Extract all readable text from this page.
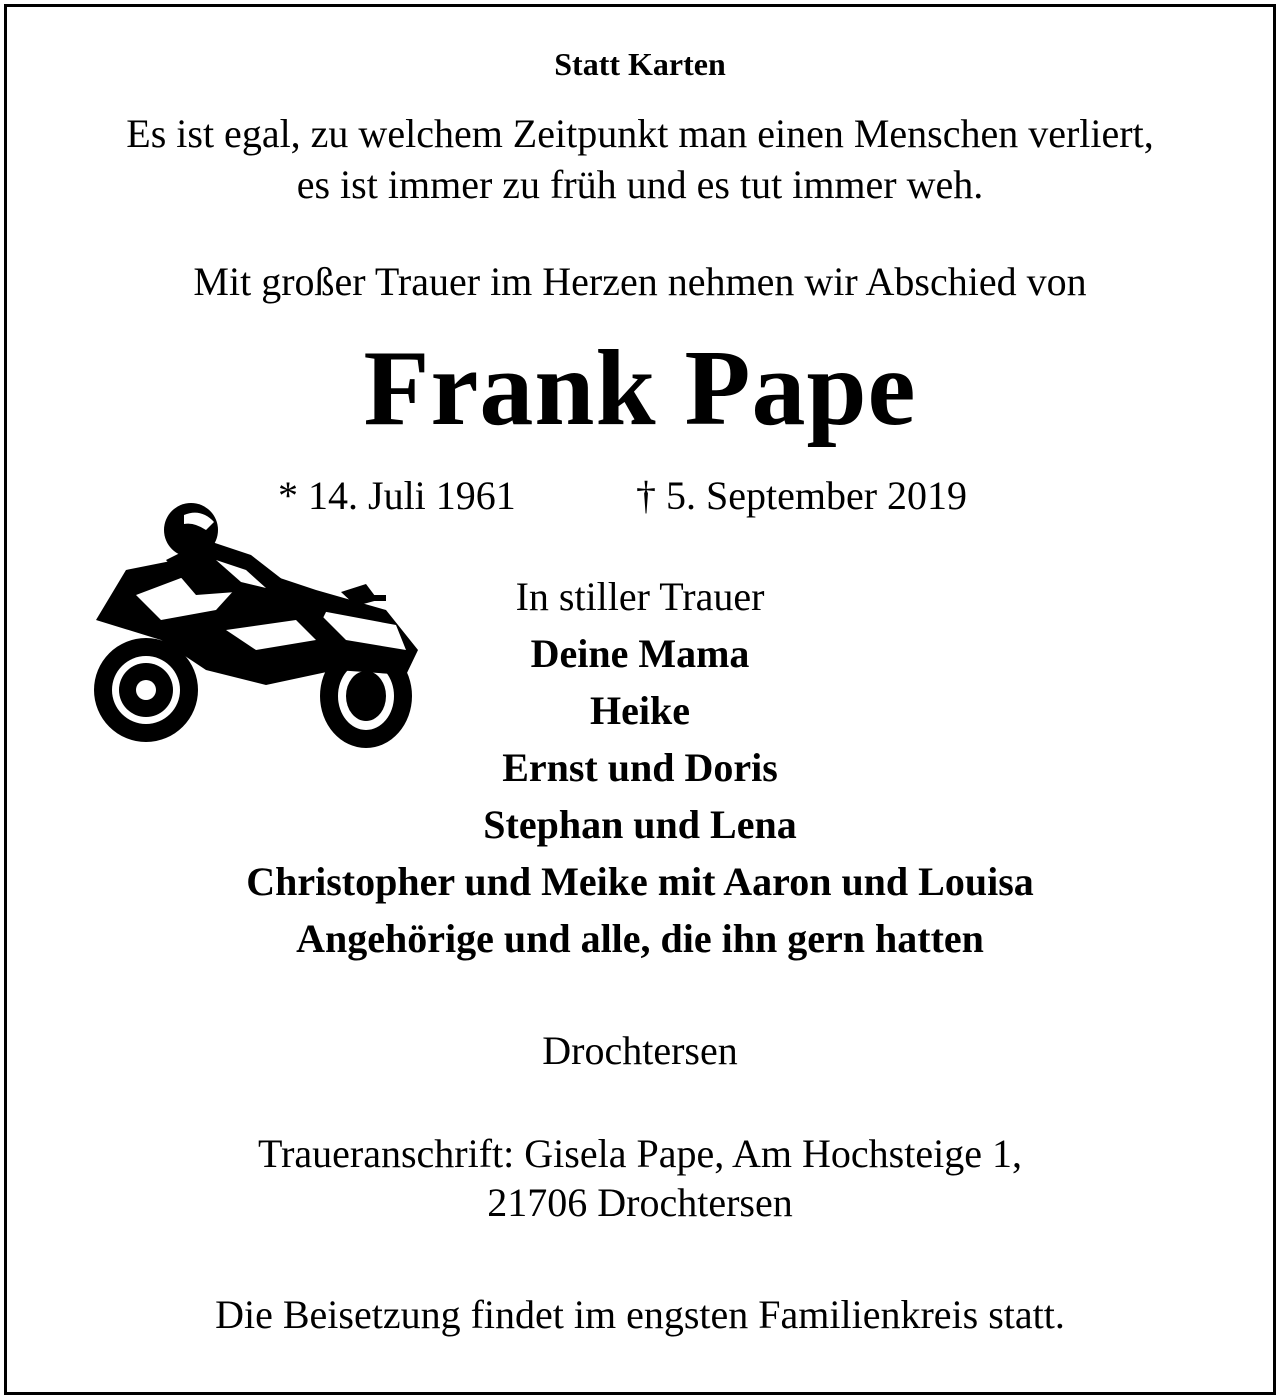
Statt Karten
Es ist egal, zu welchem Zeitpunkt man einen Menschen verliert,
es ist immer zu früh und es tut immer weh.
Mit großer Trauer im Herzen nehmen wir Abschied von
Frank Pape
* 14. Juli 1961	† 5. September 2019
In stiller Trauer
Deine Mama
Heike
Ernst und Doris
Stephan und Lena
Christopher und Meike mit Aaron und Louisa
Angehörige und alle, die ihn gern hatten
Drochtersen
Traueranschrift: Gisela Pape, Am Hochsteige 1,
21706 Drochtersen
Die Beisetzung findet im engsten Familienkreis statt.
